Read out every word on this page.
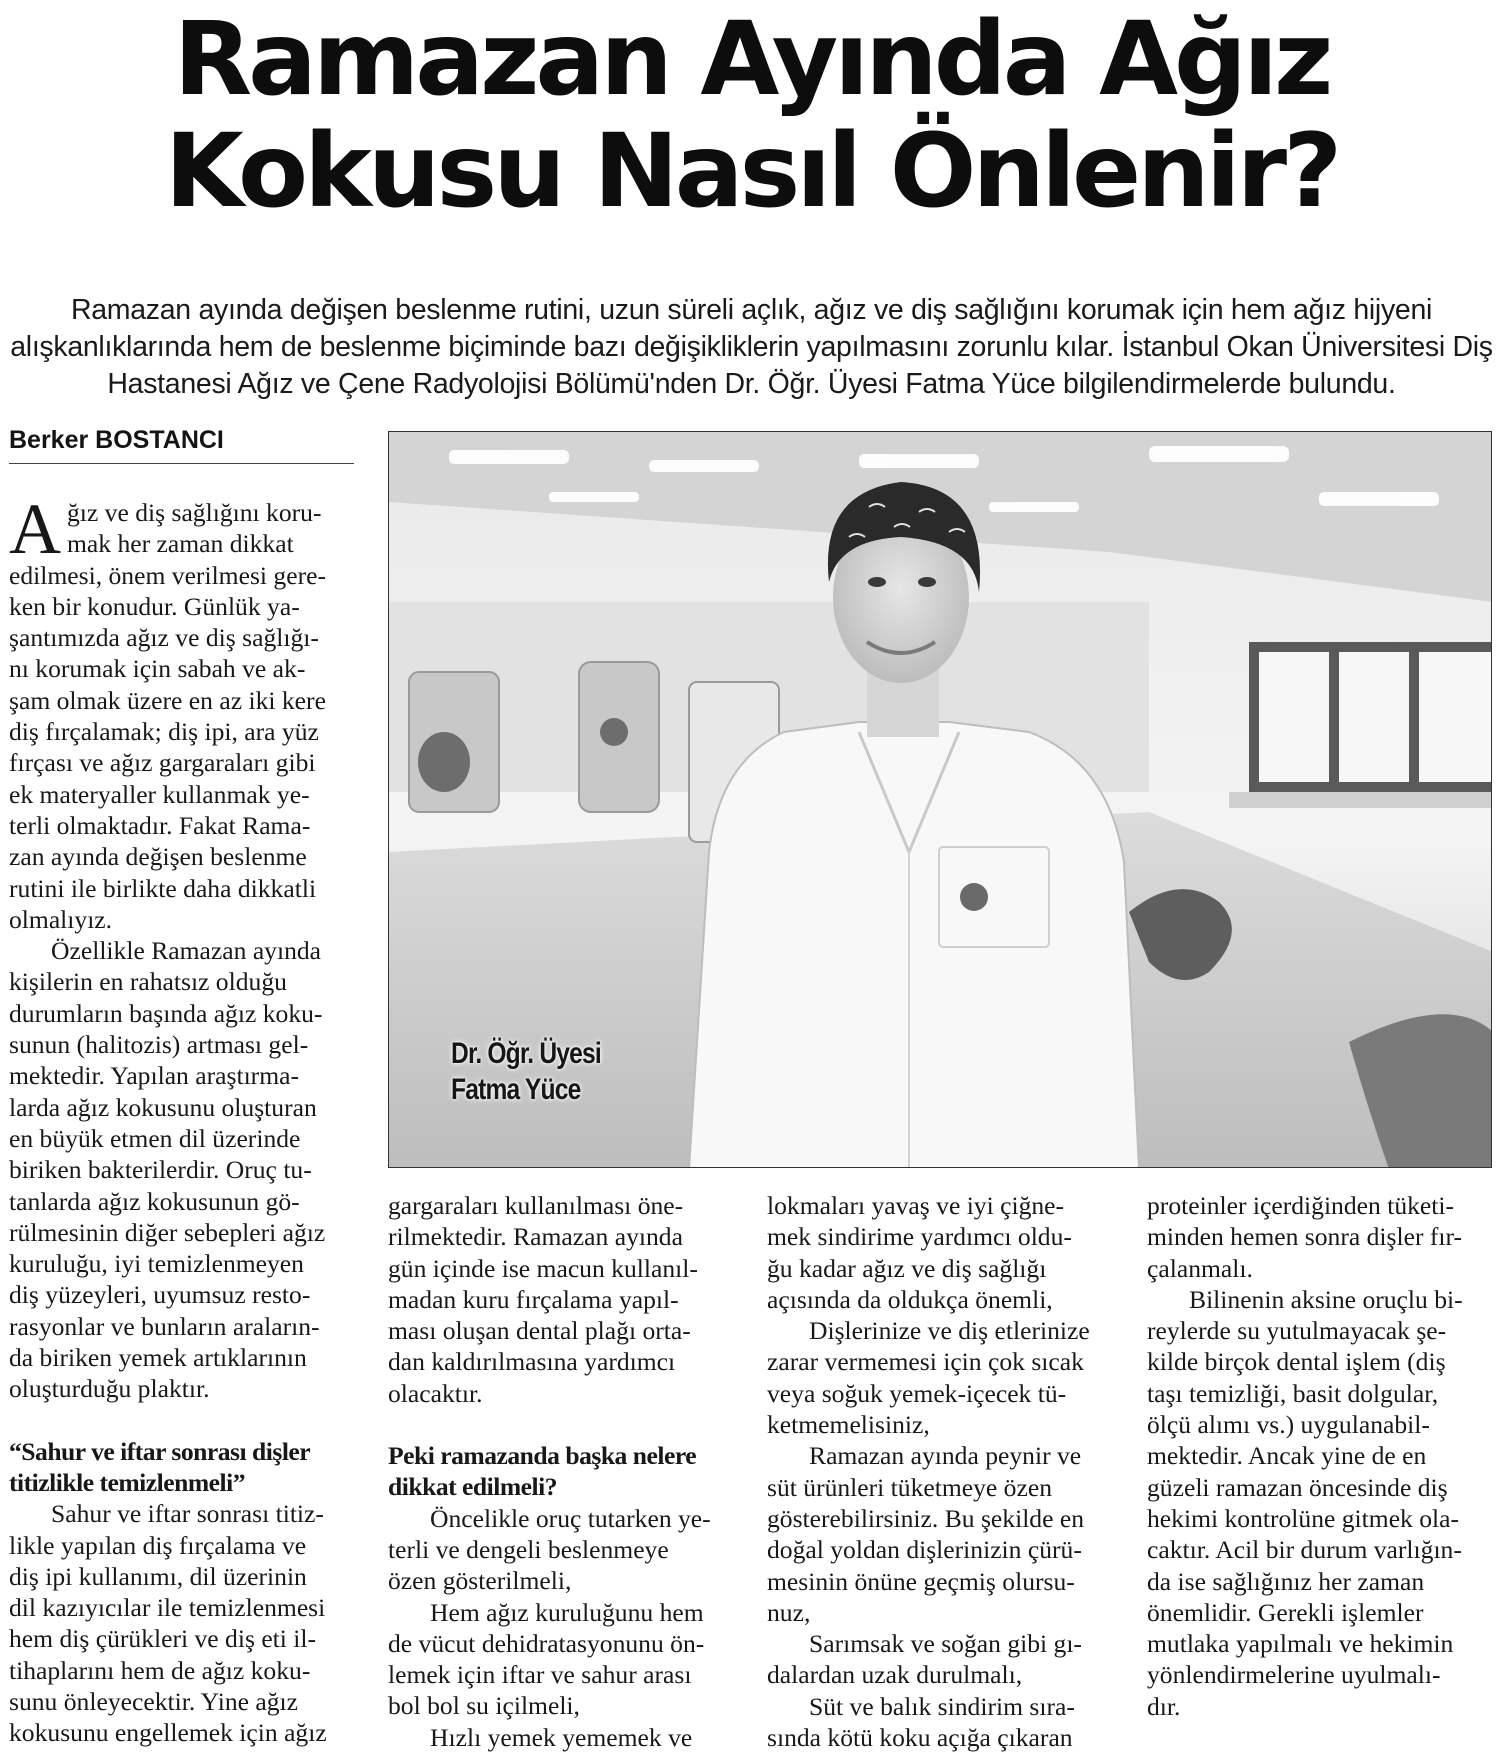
Ramazan Ayında Ağız
Kokusu Nasıl Önlenir?

Ramazan ayında değişen beslenme rutini, uzun süreli açlık, ağız ve diş sağlığını korumak için hem ağız hijyeni
alışkanlıklarında hem de beslenme biçiminde bazı değişikliklerin yapılmasını zorunlu kılar. İstanbul Okan Üniversitesi Diş
Hastanesi Ağız ve Çene Radyolojisi Bölümü'nden Dr. Öğr. Üyesi Fatma Yüce bilgilendirmelerde bulundu.

Berker BOSTANCI
A ğız ve diş sağlığını koru-
mak her zaman dikkat
edilmesi, önem verilmesi gere-
ken bir konudur. Günlük ya-
şantımızda ağız ve diş sağlığı-
nı korumak için sabah ve ak-
şam olmak üzere en az iki kere
diş fırçalamak; diş ipi, ara yüz
fırçası ve ağız gargaraları gibi
ek materyaller kullanmak ye-
terli olmaktadır. Fakat Rama-
zan ayında değişen beslenme
rutini ile birlikte daha dikkatli
olmalıyız.
Özellikle Ramazan ayında
kişilerin en rahatsız olduğu
durumların başında ağız koku-
sunun (halitozis) artması gel-
mektedir. Yapılan araştırma-
larda ağız kokusunu oluşturan
en büyük etmen dil üzerinde
biriken bakterilerdir. Oruç tu-
tanlarda ağız kokusunun gö-
rülmesinin diğer sebepleri ağız
kuruluğu, iyi temizlenmeyen
diş yüzeyleri, uyumsuz resto-
rasyonlar ve bunların araların-
da biriken yemek artıklarının
oluşturduğu plaktır.
“Sahur ve iftar sonrası dişler
titizlikle temizlenmeli”
Sahur ve iftar sonrası titiz-
likle yapılan diş fırçalama ve
diş ipi kullanımı, dil üzerinin
dil kazıyıcılar ile temizlenmesi
hem diş çürükleri ve diş eti il-
tihaplarını hem de ağız koku-
sunu önleyecektir. Yine ağız
kokusunu engellemek için ağız
Dr. Öğr. Üyesi
Fatma Yüce
gargaraları kullanılması öne-
rilmektedir. Ramazan ayında
gün içinde ise macun kullanıl-
madan kuru fırçalama yapıl-
ması oluşan dental plağı orta-
dan kaldırılmasına yardımcı
olacaktır.
Peki ramazanda başka nelere
dikkat edilmeli?
Öncelikle oruç tutarken ye-
terli ve dengeli beslenmeye
özen gösterilmeli,
Hem ağız kuruluğunu hem
de vücut dehidratasyonunu ön-
lemek için iftar ve sahur arası
bol bol su içilmeli,
Hızlı yemek yememek ve
lokmaları yavaş ve iyi çiğne-
mek sindirime yardımcı oldu-
ğu kadar ağız ve diş sağlığı
açısında da oldukça önemli,
Dişlerinize ve diş etlerinize
zarar vermemesi için çok sıcak
veya soğuk yemek-içecek tü-
ketmemelisiniz,
Ramazan ayında peynir ve
süt ürünleri tüketmeye özen
gösterebilirsiniz. Bu şekilde en
doğal yoldan dişlerinizin çürü-
mesinin önüne geçmiş olursu-
nuz,
Sarımsak ve soğan gibi gı-
dalardan uzak durulmalı,
Süt ve balık sindirim sıra-
sında kötü koku açığa çıkaran
proteinler içerdiğinden tüketi-
minden hemen sonra dişler fır-
çalanmalı.
Bilinenin aksine oruçlu bi-
reylerde su yutulmayacak şe-
kilde birçok dental işlem (diş
taşı temizliği, basit dolgular,
ölçü alımı vs.) uygulanabil-
mektedir. Ancak yine de en
güzeli ramazan öncesinde diş
hekimi kontrolüne gitmek ola-
caktır. Acil bir durum varlığın-
da ise sağlığınız her zaman
önemlidir. Gerekli işlemler
mutlaka yapılmalı ve hekimin
yönlendirmelerine uyulmalı-
dır.
